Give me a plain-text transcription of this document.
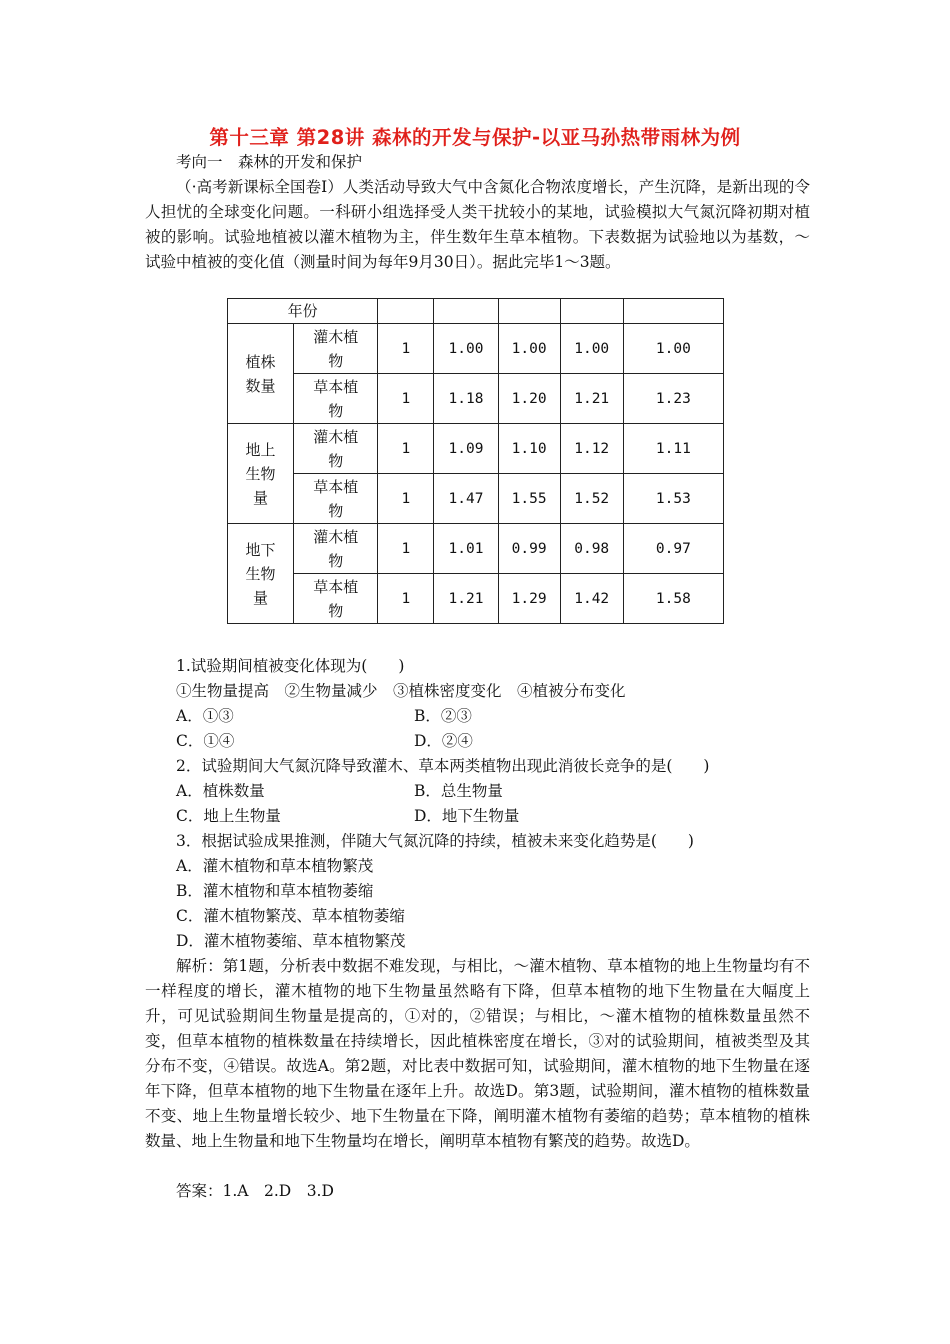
第十三章 第28讲 森林的开发与保护-以亚马孙热带雨林为例
考向一　森林的开发和保护
（·高考新课标全国卷Ⅰ）人类活动导致大气中含氮化合物浓度增长，产生沉降，是新出现的令人担忧的全球变化问题。一科研小组选择受人类干扰较小的某地，试验模拟大气氮沉降初期对植被的影响。试验地植被以灌木植物为主，伴生数年生草本植物。下表数据为试验地以为基数，～试验中植被的变化值（测量时间为每年9月30日）。据此完毕1～3题。
年份						
植株数量	灌木植物	1	1.00	1.00	1.00	1.00
	草本植物	1	1.18	1.20	1.21	1.23
地上生物量	灌木植物	1	1.09	1.10	1.12	1.11
	草本植物	1	1.47	1.55	1.52	1.53
地下生物量	灌木植物	1	1.01	0.99	0.98	0.97
	草本植物	1	1.21	1.29	1.42	1.58
1.试验期间植被变化体现为(　　)
①生物量提高　②生物量减少　③植株密度变化　④植被分布变化
A．①③	B．②③
C．①④	D．②④
2．试验期间大气氮沉降导致灌木、草本两类植物出现此消彼长竞争的是(　　)
A．植株数量	B．总生物量
C．地上生物量	D．地下生物量
3．根据试验成果推测，伴随大气氮沉降的持续，植被未来变化趋势是(　　)
A．灌木植物和草本植物繁茂
B．灌木植物和草本植物萎缩
C．灌木植物繁茂、草本植物萎缩
D．灌木植物萎缩、草本植物繁茂
解析：第1题，分析表中数据不难发现，与相比，～灌木植物、草本植物的地上生物量均有不一样程度的增长，灌木植物的地下生物量虽然略有下降，但草本植物的地下生物量在大幅度上升，可见试验期间生物量是提高的，①对的，②错误；与相比，～灌木植物的植株数量虽然不变，但草本植物的植株数量在持续增长，因此植株密度在增长，③对的试验期间，植被类型及其分布不变，④错误。故选A。第2题，对比表中数据可知，试验期间，灌木植物的地下生物量在逐年下降，但草本植物的地下生物量在逐年上升。故选D。第3题，试验期间，灌木植物的植株数量不变、地上生物量增长较少、地下生物量在下降，阐明灌木植物有萎缩的趋势；草本植物的植株数量、地上生物量和地下生物量均在增长，阐明草本植物有繁茂的趋势。故选D。
答案：1.A　2.D　3.D
